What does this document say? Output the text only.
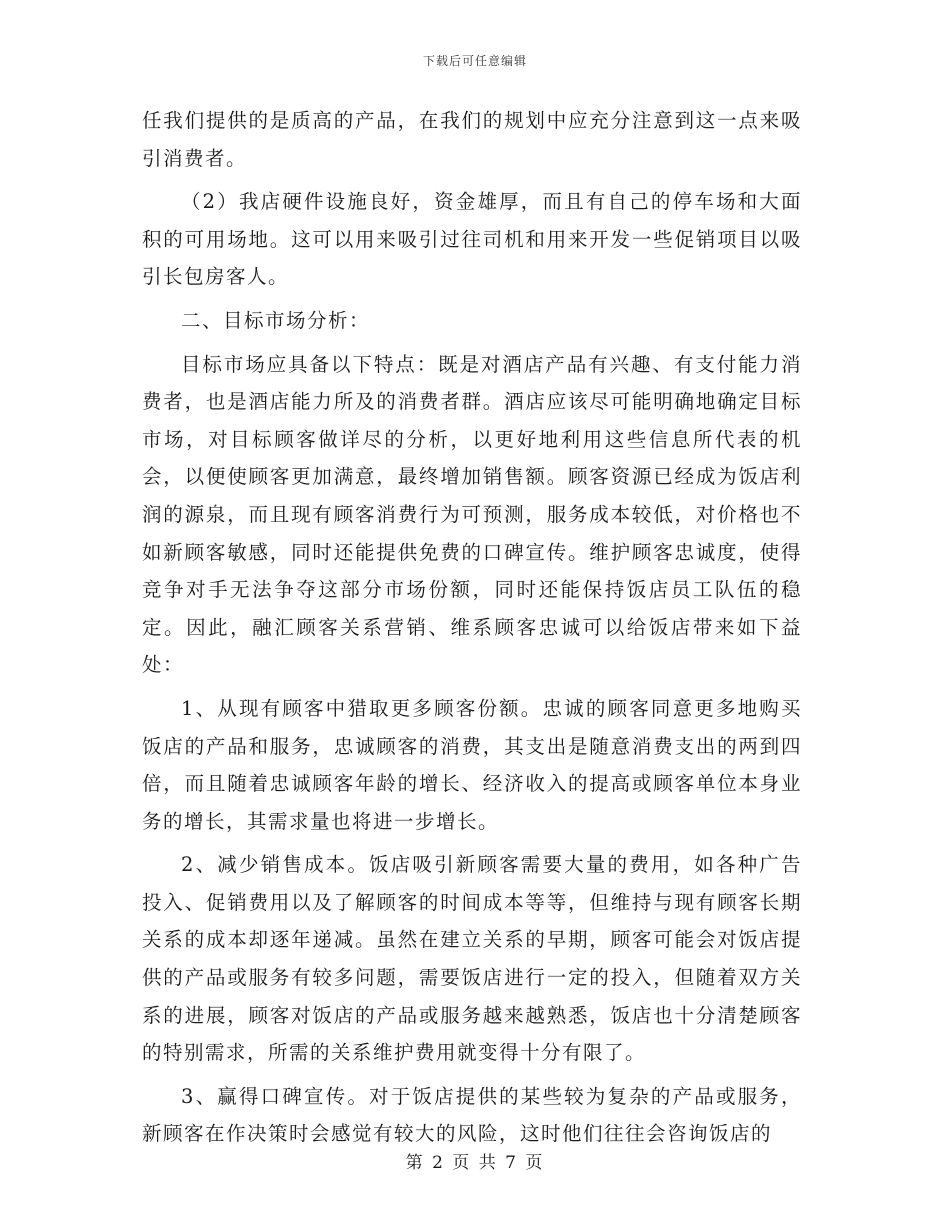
下载后可任意编辑

任我们提供的是质高的产品，在我们的规划中应充分注意到这一点来吸引消费者。

（2）我店硬件设施良好，资金雄厚，而且有自己的停车场和大面积的可用场地。这可以用来吸引过往司机和用来开发一些促销项目以吸引长包房客人。

二、目标市场分析：

目标市场应具备以下特点：既是对酒店产品有兴趣、有支付能力消费者，也是酒店能力所及的消费者群。酒店应该尽可能明确地确定目标市场，对目标顾客做详尽的分析，以更好地利用这些信息所代表的机会，以便使顾客更加满意，最终增加销售额。顾客资源已经成为饭店利润的源泉，而且现有顾客消费行为可预测，服务成本较低，对价格也不如新顾客敏感，同时还能提供免费的口碑宣传。维护顾客忠诚度，使得竞争对手无法争夺这部分市场份额，同时还能保持饭店员工队伍的稳定。因此，融汇顾客关系营销、维系顾客忠诚可以给饭店带来如下益处：

1、从现有顾客中猎取更多顾客份额。忠诚的顾客同意更多地购买饭店的产品和服务，忠诚顾客的消费，其支出是随意消费支出的两到四倍，而且随着忠诚顾客年龄的增长、经济收入的提高或顾客单位本身业务的增长，其需求量也将进一步增长。

2、减少销售成本。饭店吸引新顾客需要大量的费用，如各种广告投入、促销费用以及了解顾客的时间成本等等，但维持与现有顾客长期关系的成本却逐年递减。虽然在建立关系的早期，顾客可能会对饭店提供的产品或服务有较多问题，需要饭店进行一定的投入，但随着双方关系的进展，顾客对饭店的产品或服务越来越熟悉，饭店也十分清楚顾客的特别需求，所需的关系维护费用就变得十分有限了。

3、赢得口碑宣传。对于饭店提供的某些较为复杂的产品或服务，新顾客在作决策时会感觉有较大的风险，这时他们往往会咨询饭店的

第 2 页 共 7 页
